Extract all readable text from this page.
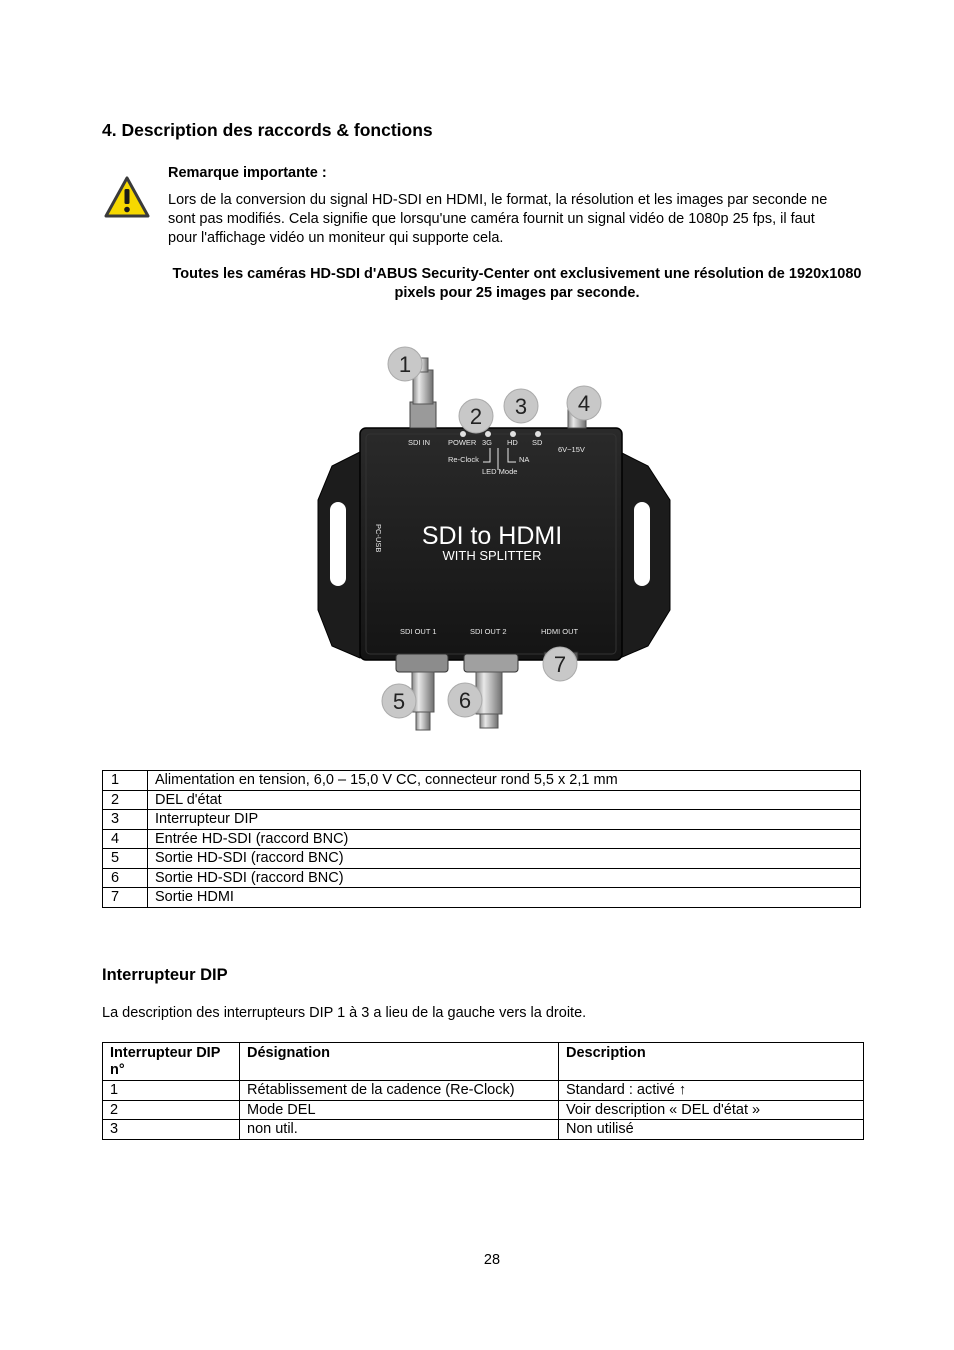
4. Description des raccords & fonctions
Remarque importante :
Lors de la conversion du signal HD-SDI en HDMI, le format, la résolution et les images par seconde ne sont pas modifiés. Cela signifie que lorsqu'une caméra fournit un signal vidéo de 1080p 25 fps, il faut pour l'affichage vidéo un moniteur qui supporte cela.
Toutes les caméras HD-SDI d'ABUS Security-Center ont exclusivement une résolution de 1920x1080 pixels pour 25 images par seconde.
SDI IN POWER 3G HD SD
6V~15V
Re-Clock	NA
LED Mode
SDI to HDMI
WITH SPLITTER
PC-USB
SDI OUT 1	SDI OUT 2	HDMI OUT
1
2 3 4
5 6
7
1	Alimentation en tension, 6,0 – 15,0 V CC, connecteur rond 5,5 x 2,1 mm
2	DEL d'état
3	Interrupteur DIP
4	Entrée HD-SDI (raccord BNC)
5	Sortie HD-SDI (raccord BNC)
6	Sortie HD-SDI (raccord BNC)
7	Sortie HDMI
Interrupteur DIP
La description des interrupteurs DIP 1 à 3 a lieu de la gauche vers la droite.
Interrupteur DIP n°	Désignation	Description
1	Rétablissement de la cadence (Re-Clock)	Standard : activé ↑
2	Mode DEL	Voir description « DEL d'état »
3	non util.	Non utilisé
28
